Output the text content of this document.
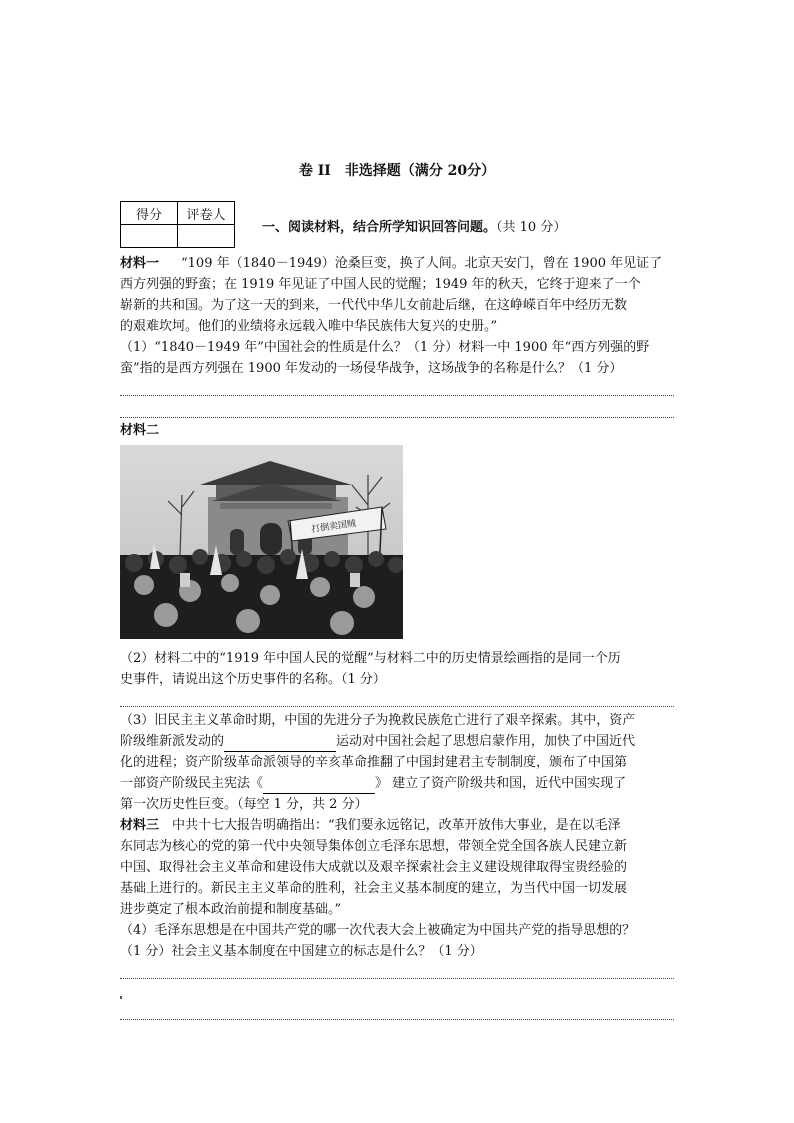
卷 II　非选择题（满分 20分）
得分	评卷人

一、阅读材料，结合所学知识回答问题。（共 10 分）
材料一 “109 年（1840－1949）沧桑巨变，换了人间。北京天安门，曾在 1900 年见证了
西方列强的野蛮；在 1919 年见证了中国人民的觉醒；1949 年的秋天，它终于迎来了一个
崭新的共和国。为了这一天的到来，一代代中华儿女前赴后继，在这峥嵘百年中经历无数
的艰难坎坷。他们的业绩将永远载入唯中华民族伟大复兴的史册。”
（1）“1840－1949 年”中国社会的性质是什么？（1 分）材料一中 1900 年“西方列强的野
蛮”指的是西方列强在 1900 年发动的一场侵华战争，这场战争的名称是什么？（1 分）
材料二
打倒卖国贼
（2）材料二中的“1919 年中国人民的觉醒”与材料二中的历史情景绘画指的是同一个历
史事件，请说出这个历史事件的名称。（1 分）
（3）旧民主主义革命时期，中国的先进分子为挽救民族危亡进行了艰辛探索。其中，资产
阶级维新派发动的	运动对中国社会起了思想启蒙作用，加快了中国近代
化的进程；资产阶级革命派领导的辛亥革命推翻了中国封建君主专制制度，颁布了中国第
一部资产阶级民主宪法《	》 建立了资产阶级共和国，近代中国实现了
第一次历史性巨变。（每空 1 分，共 2 分）
材料三　中共十七大报告明确指出：“我们要永远铭记，改革开放伟大事业，是在以毛泽
东同志为核心的党的第一代中央领导集体创立毛泽东思想，带领全党全国各族人民建立新
中国、取得社会主义革命和建设伟大成就以及艰辛探索社会主义建设规律取得宝贵经验的
基础上进行的。新民主主义革命的胜利，社会主义基本制度的建立，为当代中国一切发展
进步奠定了根本政治前提和制度基础。”
（4）毛泽东思想是在中国共产党的哪一次代表大会上被确定为中国共产党的指导思想的？
（1 分）社会主义基本制度在中国建立的标志是什么？（1 分）
